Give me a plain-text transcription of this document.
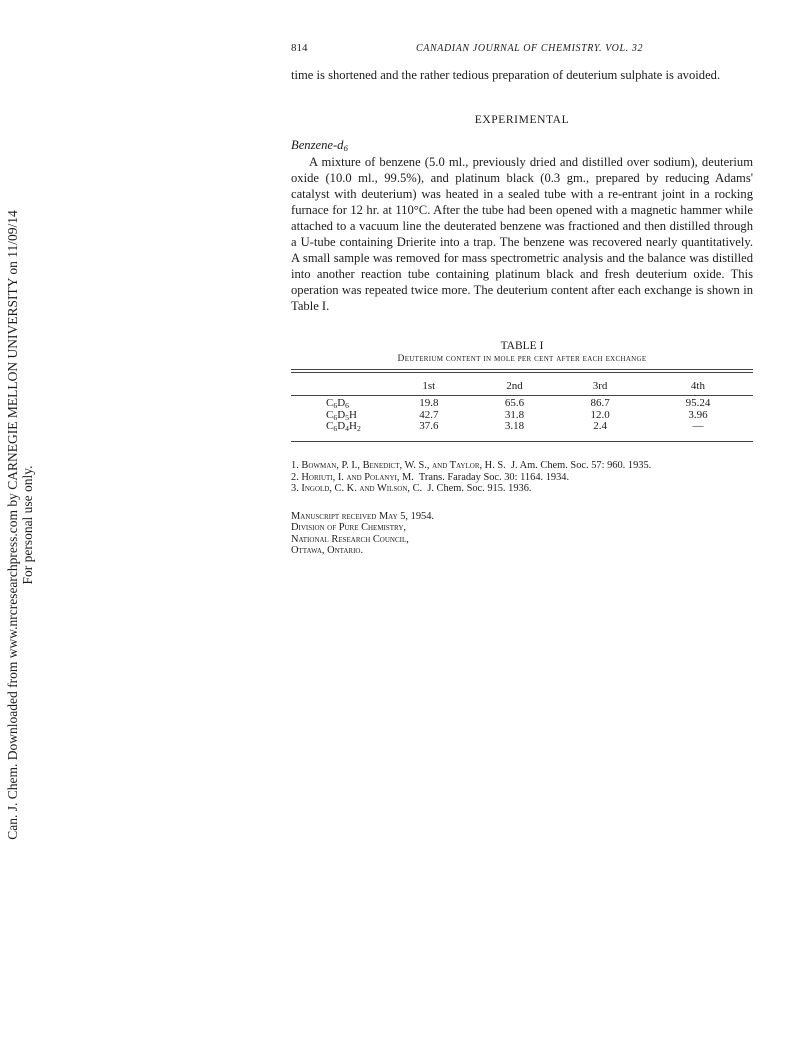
Can. J. Chem. Downloaded from www.nrcresearchpress.com by CARNEGIE MELLON UNIVERSITY on 11/09/14 For personal use only.
814	CANADIAN JOURNAL OF CHEMISTRY. VOL. 32

time is shortened and the rather tedious preparation of deuterium sulphate is avoided.

EXPERIMENTAL

Benzene-$d_6$

A mixture of benzene (5.0 ml., previously dried and distilled over sodium), deuterium oxide (10.0 ml., 99.5%), and platinum black (0.3 gm., prepared by reducing Adams' catalyst with deuterium) was heated in a sealed tube with a re-entrant joint in a rocking furnace for 12 hr. at 110°C. After the tube had been opened with a magnetic hammer while attached to a vacuum line the deuterated benzene was fractioned and then distilled through a U-tube containing Drierite into a trap. The benzene was recovered nearly quantitatively. A small sample was removed for mass spectrometric analysis and the balance was distilled into another reaction tube containing platinum black and fresh deuterium oxide. This operation was repeated twice more. The deuterium content after each exchange is shown in Table I.

TABLE I

Deuterium content in mole per cent after each exchange

	1st	2nd	3rd	4th
$C_6D_6$	19.8	65.6	86.7	95.24
$C_6D_5H$	42.7	31.8	12.0	3.96
$C_6D_4H_2$	37.6	3.18	2.4	—
1. Bowman, P. I., Benedict, W. S., and Taylor, H. S. J. Am. Chem. Soc. 57: 960. 1935.
2. Horiuti, I. and Polanyi, M. Trans. Faraday Soc. 30: 1164. 1934.
3. Ingold, C. K. and Wilson, C. J. Chem. Soc. 915. 1936.
Manuscript received May 5, 1954.
Division of Pure Chemistry,
National Research Council,
Ottawa, Ontario.
